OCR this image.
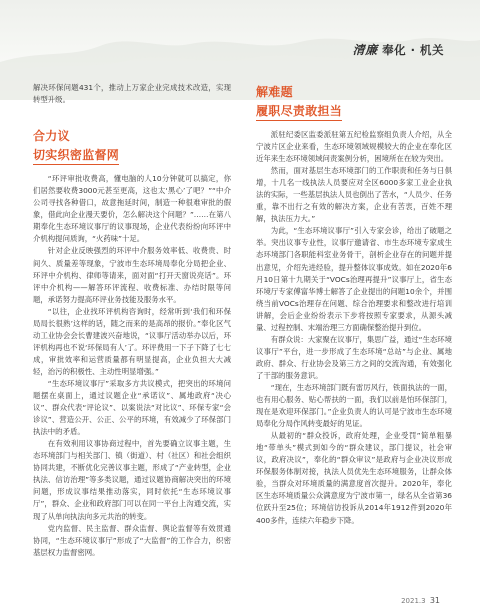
清廉 奉化 · 机关

解决环保问题431个，推动上万家企业完成技术改造，实现转型升级。

合力议
切实织密监督网

“环评审批收费高，懂电脑的人10分钟就可以搞定，你们居然要收费3000元甚至更高，这也太‘黑心’了吧？”“中介公司寻找各种借口，故意拖延时间，制造一种很难审批的假象，借此向企业漫天要价，怎么解决这个问题？”……在第八期奉化生态环境议事厅的议事现场，企业代表纷纷向环评中介机构提问质询，“火药味”十足。

针对企业反映强烈的环评中介服务效率低、收费贵、时间久、质量差等现象，宁波市生态环境局奉化分局把企业、环评中介机构、律师等请来，面对面“打开天窗说亮话”。环评中介机构——解答环评流程、收费标准、办结时限等问题，承诺努力提高环评业务技能及服务水平。

“以往，企业找环评机构咨询时，经常听到‘我们和环保局局长很熟’这样的话，随之而来的是高昂的报价。”奉化区气动工业协会会长曹建波兴奋地说，“议事厅活动举办以后，环评机构再也不说‘环保局有人’了。环评费用一下子下降了七七成，审批效率和运营质量都有明显提高，企业负担大大减轻，治污的积极性、主动性明显增强。”

“生态环境议事厅”采取多方共议模式，把突出的环境问题摆在桌面上，通过议题企业“承诺议”、属地政府“决心议”、群众代表“评论议”、以案说法“对比议”、环保专家“会诊议”、营造公开、公正、公平的环境，有效减少了环保部门执法中的矛盾。

在有效利用议事协商过程中，首先要确立议事主题，生态环境部门与相关部门、镇（街道）、村（社区）和社会组织协同共建，不断优化完善议事主题，形成了“产业转型，企业执法、信访治理”等多类议题，通过议题协商解决突出的环境问题，形成议事结果推动落实，同时依托“生态环境议事厅”，群众、企业和政府部门可以在同一平台上沟通交流，实现了从单向执法向多元共治的转变。

党内监督、民主监督、群众监督、舆论监督等有效贯通协同，“生态环境议事厅”形成了“大监督”的工作合力，织密基层权力监督密网。

解难题
履职尽责敢担当

派驻纪委区监委派驻第五纪检监察组负责人介绍，从全宁波片区企业来看，生态环境领域规模较大的企业在奉化区近年来生态环境领域问责案例分析，困境所在在较为突出。

然而，面对基层生态环境部门的工作职责和任务与日俱增，十几名一线执法人员要应对全区6000多家工业企业执法的实际，一些基层执法人员也倒出了苦水，“人员少、任务重，靠不出行之有效的解决方案，企业有苦衷，百姓不理解，执法压力大。”

为此，“生态环境议事厅”引入专家会诊，给出了破题之举。突出议事专业性，议事厅邀请省、市生态环境专家成生态环境部门各职能科室业务骨干，剖析企业存在的问题并提出意见，介绍先进经验，提升整体议事成效。如在2020年6月10日第十九期关于“VOCs治理再提升”议事厅上，省生态环境厅专家傅富华博士解答了企业提出的问题10余个，并围绕当前VOCs治理存在问题、综合治理要求和整改进行培训讲解，会后企业纷纷表示下步将按照专家要求，从源头减量、过程控制、末端治理三方面确保整治提升到位。

有群众说：大家聚在议事厅，集思广益，通过“生态环境议事厅”平台，进一步形成了生态环境“总站”与企业、属地政府、群众、行业协会及第三方之间的交流沟通，有效强化了干部的服务意识。

“现在，生态环境部门既有雷厉风行，铁面执法的一面，也有用心服务、贴心帮扶的一面，我们以前是怕环保部门，现在是欢迎环保部门。”企业负责人的认可是宁波市生态环境局奉化分局作风转变最好的见证。

从最初的“群众投诉，政府处理，企业受罚”简单粗暴地“带单头”模式到如今的“群众建议，部门提议，社会审议，政府决议”，奉化的“群众审议”是政府与企业决议形成环保服务体制对接，执法人员优先生态环境服务，让群众体验，当群众对环境质量的满意度首次提升。2020年，奉化区生态环境质量公众满意度为宁波市第一，绿名从全省第36位跃升至25位；环境信访投诉从2014年1912件到2020年400多件，连续六年稳步下降。

2021.3 31
